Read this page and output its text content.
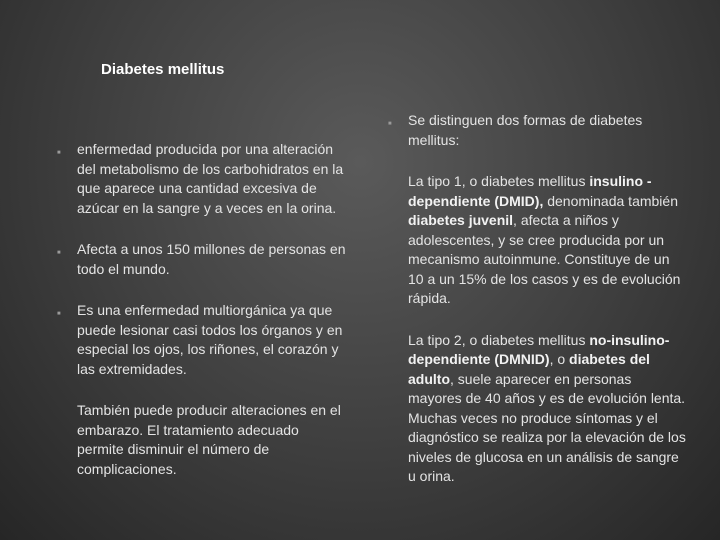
Diabetes mellitus
■ enfermedad producida por una alteración del metabolismo de los carbohidratos en la que aparece una cantidad excesiva de azúcar en la sangre y a veces en la orina.
■ Afecta a unos 150 millones de personas en todo el mundo.
■ Es una enfermedad multiorgánica ya que puede lesionar casi todos los órganos y en especial los ojos, los riñones, el corazón y las extremidades.
También puede producir alteraciones en el embarazo. El tratamiento adecuado permite disminuir el número de complicaciones.
■ Se distinguen dos formas de diabetes mellitus:
La tipo 1, o diabetes mellitus insulino -dependiente (DMID), denominada también diabetes juvenil, afecta a niños y adolescentes, y se cree producida por un mecanismo autoinmune. Constituye de un 10 a un 15% de los casos y es de evolución rápida.
La tipo 2, o diabetes mellitus no-insulino-dependiente (DMNID), o diabetes del adulto, suele aparecer en personas mayores de 40 años y es de evolución lenta. Muchas veces no produce síntomas y el diagnóstico se realiza por la elevación de los niveles de glucosa en un análisis de sangre u orina.
